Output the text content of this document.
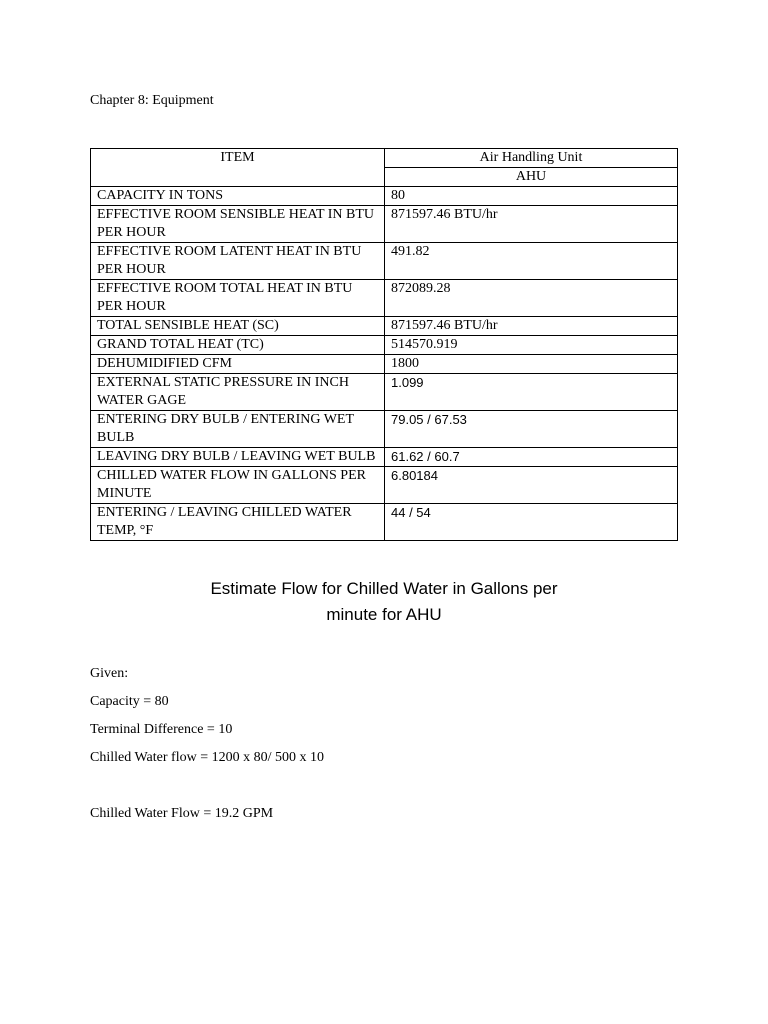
Chapter 8: Equipment
ITEM	Air Handling Unit
	AHU
CAPACITY IN TONS	80
EFFECTIVE ROOM SENSIBLE HEAT IN BTU PER HOUR	871597.46 BTU/hr
EFFECTIVE ROOM LATENT HEAT IN BTU PER HOUR	491.82
EFFECTIVE ROOM TOTAL HEAT IN BTU PER HOUR	872089.28
TOTAL SENSIBLE HEAT (SC)	871597.46 BTU/hr
GRAND TOTAL HEAT (TC)	514570.919
DEHUMIDIFIED CFM	1800
EXTERNAL STATIC PRESSURE IN INCH WATER GAGE	1.099
ENTERING DRY BULB / ENTERING WET BULB	79.05 / 67.53
LEAVING DRY BULB / LEAVING WET BULB	61.62 / 60.7
CHILLED WATER FLOW IN GALLONS PER MINUTE	6.80184
ENTERING / LEAVING CHILLED WATER TEMP, °F	44 / 54
Estimate Flow for Chilled Water in Gallons per
minute for AHU
Given:
Capacity = 80
Terminal Difference = 10
Chilled Water flow = 1200 x 80/ 500 x 10
Chilled Water Flow = 19.2 GPM
